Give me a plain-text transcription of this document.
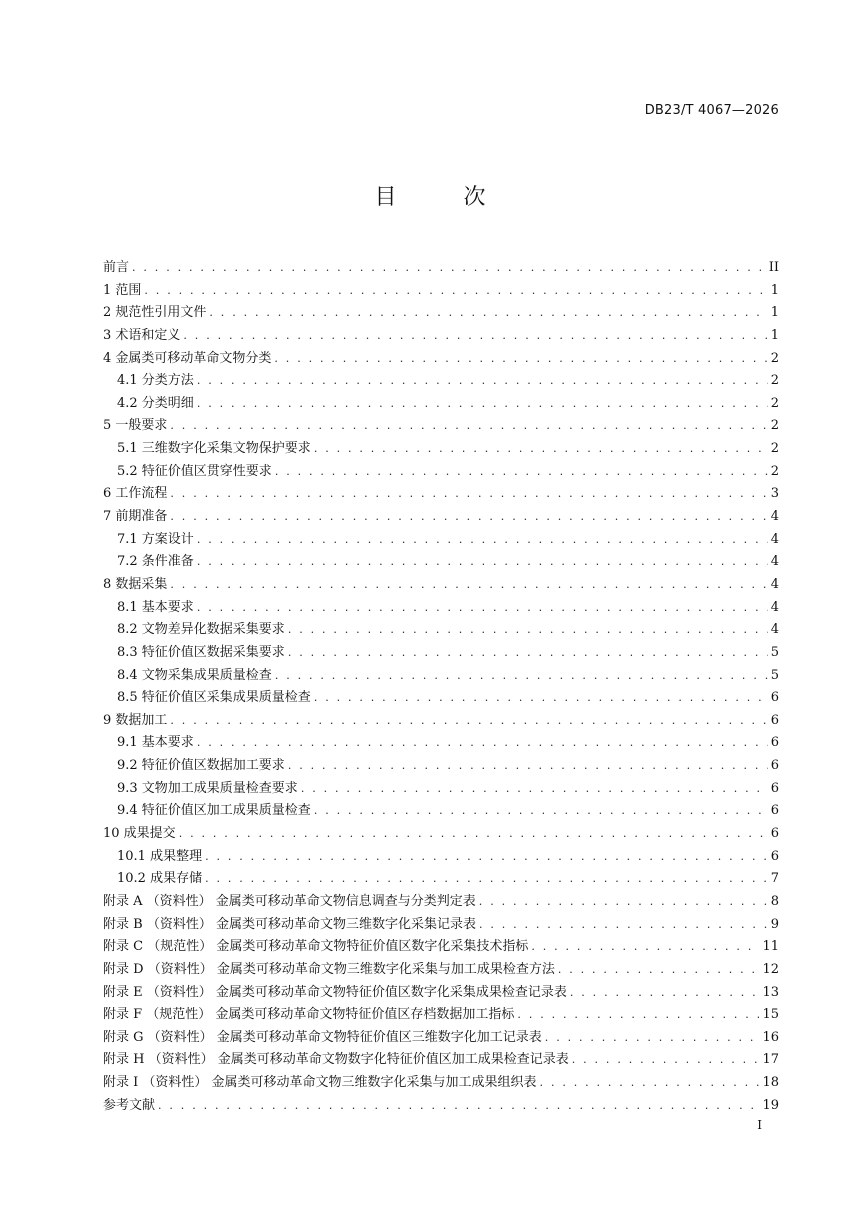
DB23/T 4067—2026
目 次
前言 . . .	II
1 范围 . . .	1
2 规范性引用文件 . . .	1
3 术语和定义 . . .	1
4 金属类可移动革命文物分类 . . .	2
4.1 分类方法 . . .	2
4.2 分类明细 . . .	2
5 一般要求 . . .	2
5.1 三维数字化采集文物保护要求 . . .	2
5.2 特征价值区贯穿性要求 . . .	2
6 工作流程 . . .	3
7 前期准备 . . .	4
7.1 方案设计 . . .	4
7.2 条件准备 . . .	4
8 数据采集 . . .	4
8.1 基本要求 . . .	4
8.2 文物差异化数据采集要求 . . .	4
8.3 特征价值区数据采集要求 . . .	5
8.4 文物采集成果质量检查 . . .	5
8.5 特征价值区采集成果质量检查 . . .	6
9 数据加工 . . .	6
9.1 基本要求 . . .	6
9.2 特征价值区数据加工要求 . . .	6
9.3 文物加工成果质量检查要求 . . .	6
9.4 特征价值区加工成果质量检查 . . .	6
10 成果提交 . . .	6
10.1 成果整理 . . .	6
10.2 成果存储 . . .	7
附录 A （资料性） 金属类可移动革命文物信息调查与分类判定表 . . .	8
附录 B （资料性） 金属类可移动革命文物三维数字化采集记录表 . . .	9
附录 C （规范性） 金属类可移动革命文物特征价值区数字化采集技术指标 . . .	11
附录 D （资料性） 金属类可移动革命文物三维数字化采集与加工成果检查方法 . . .	12
附录 E （资料性） 金属类可移动革命文物特征价值区数字化采集成果检查记录表 . . .	13
附录 F （规范性） 金属类可移动革命文物特征价值区存档数据加工指标 . . .	15
附录 G （资料性） 金属类可移动革命文物特征价值区三维数字化加工记录表 . . .	16
附录 H （资料性） 金属类可移动革命文物数字化特征价值区加工成果检查记录表 . . .	17
附录 I （资料性） 金属类可移动革命文物三维数字化采集与加工成果组织表 . . .	18
参考文献 . . .	19
I
